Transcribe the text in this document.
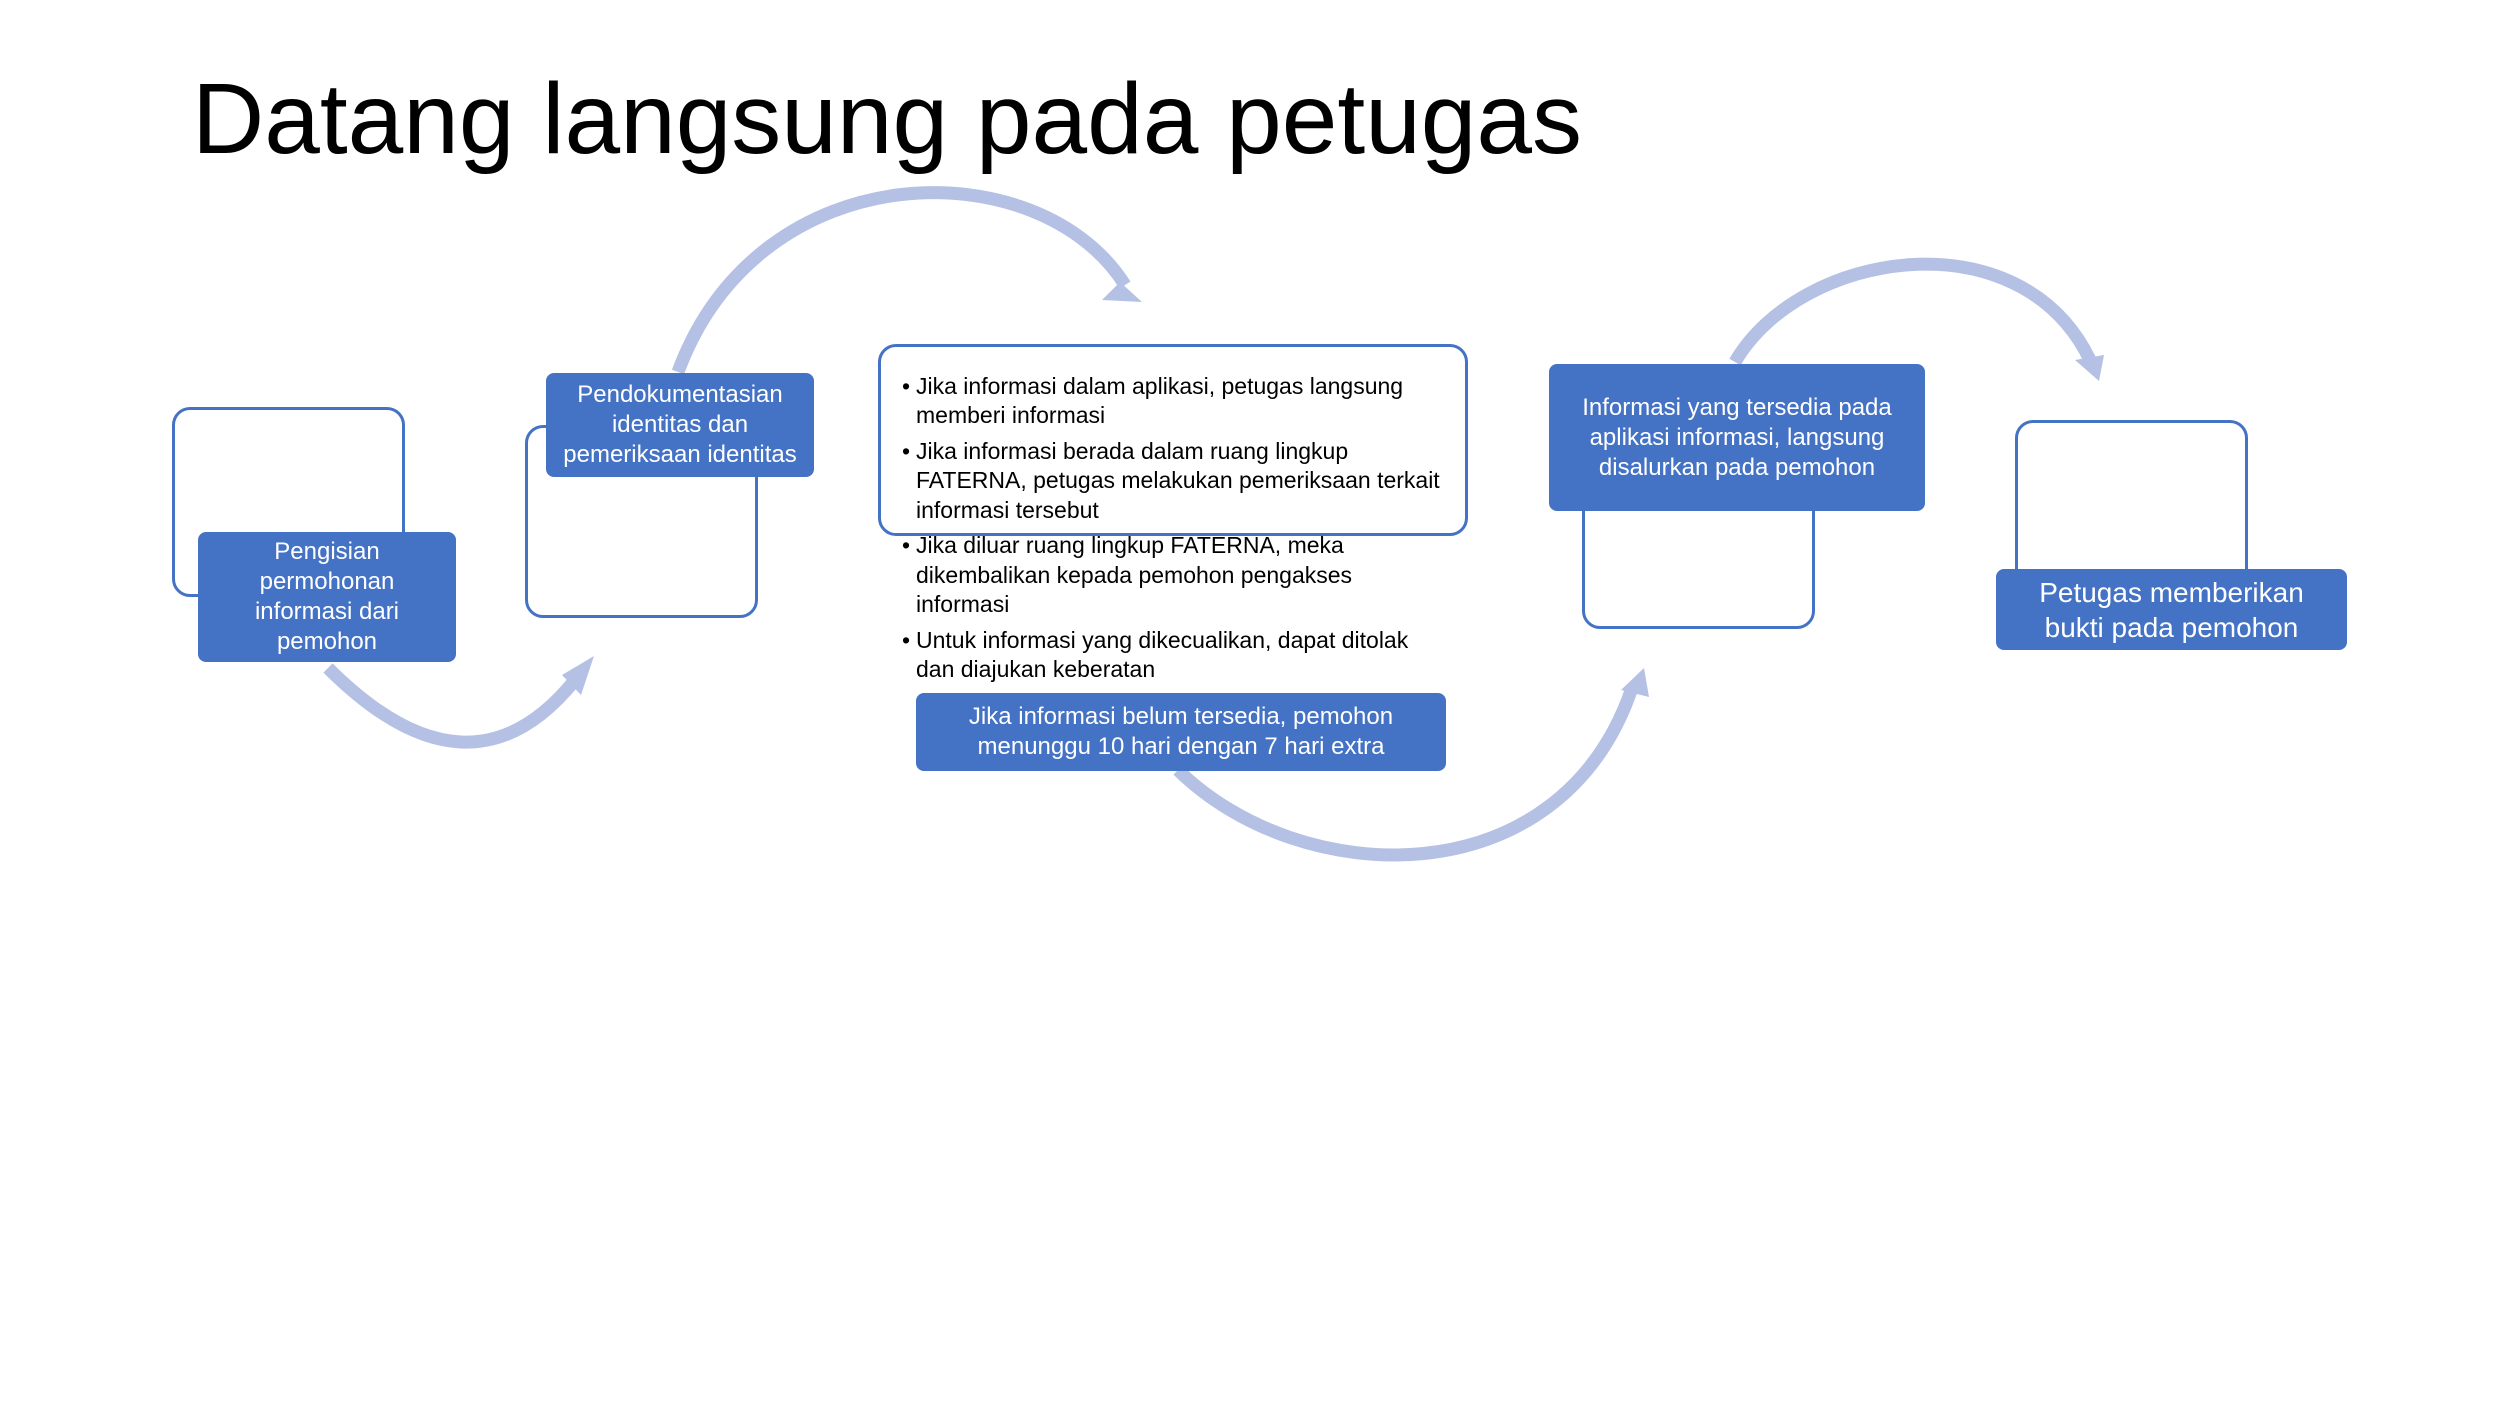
Datang langsung pada petugas
Pengisian permohonan informasi dari pemohon
Pendokumentasian identitas dan pemeriksaan identitas
• Jika informasi dalam aplikasi, petugas langsung memberi informasi
• Jika informasi berada dalam ruang lingkup FATERNA, petugas melakukan pemeriksaan terkait informasi tersebut
• Jika diluar ruang lingkup FATERNA, meka dikembalikan kepada pemohon pengakses informasi
• Untuk informasi yang dikecualikan, dapat ditolak dan diajukan keberatan
Jika informasi belum tersedia, pemohon menunggu 10 hari dengan 7 hari extra
Informasi yang tersedia pada aplikasi informasi, langsung disalurkan pada pemohon
Petugas memberikan bukti pada pemohon
